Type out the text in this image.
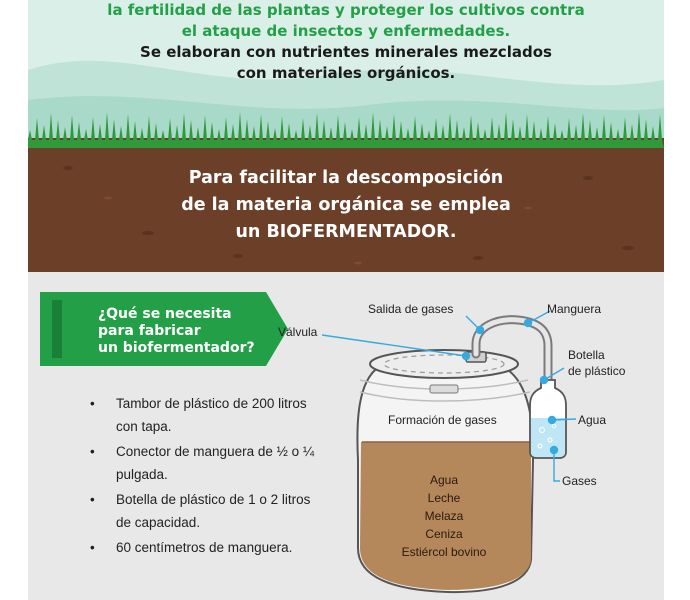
la fertilidad de las plantas y proteger los cultivos contra
el ataque de insectos y enfermedades.
Se elaboran con nutrientes minerales mezclados
con materiales orgánicos.
Para facilitar la descomposición
de la materia orgánica se emplea
un BIOFERMENTADOR.
¿Qué se necesita
para fabricar
un biofermentador?
• Tambor de plástico de 200 litros con tapa.
• Conector de manguera de ½ o ¼ pulgada.
• Botella de plástico de 1 o 2 litros de capacidad.
• 60 centímetros de manguera.
Salida de gases	Manguera
Válvula
Botella
de plástico
Agua
Gases
Formación de gases
Agua
Leche
Melaza
Ceniza
Estiércol bovino
